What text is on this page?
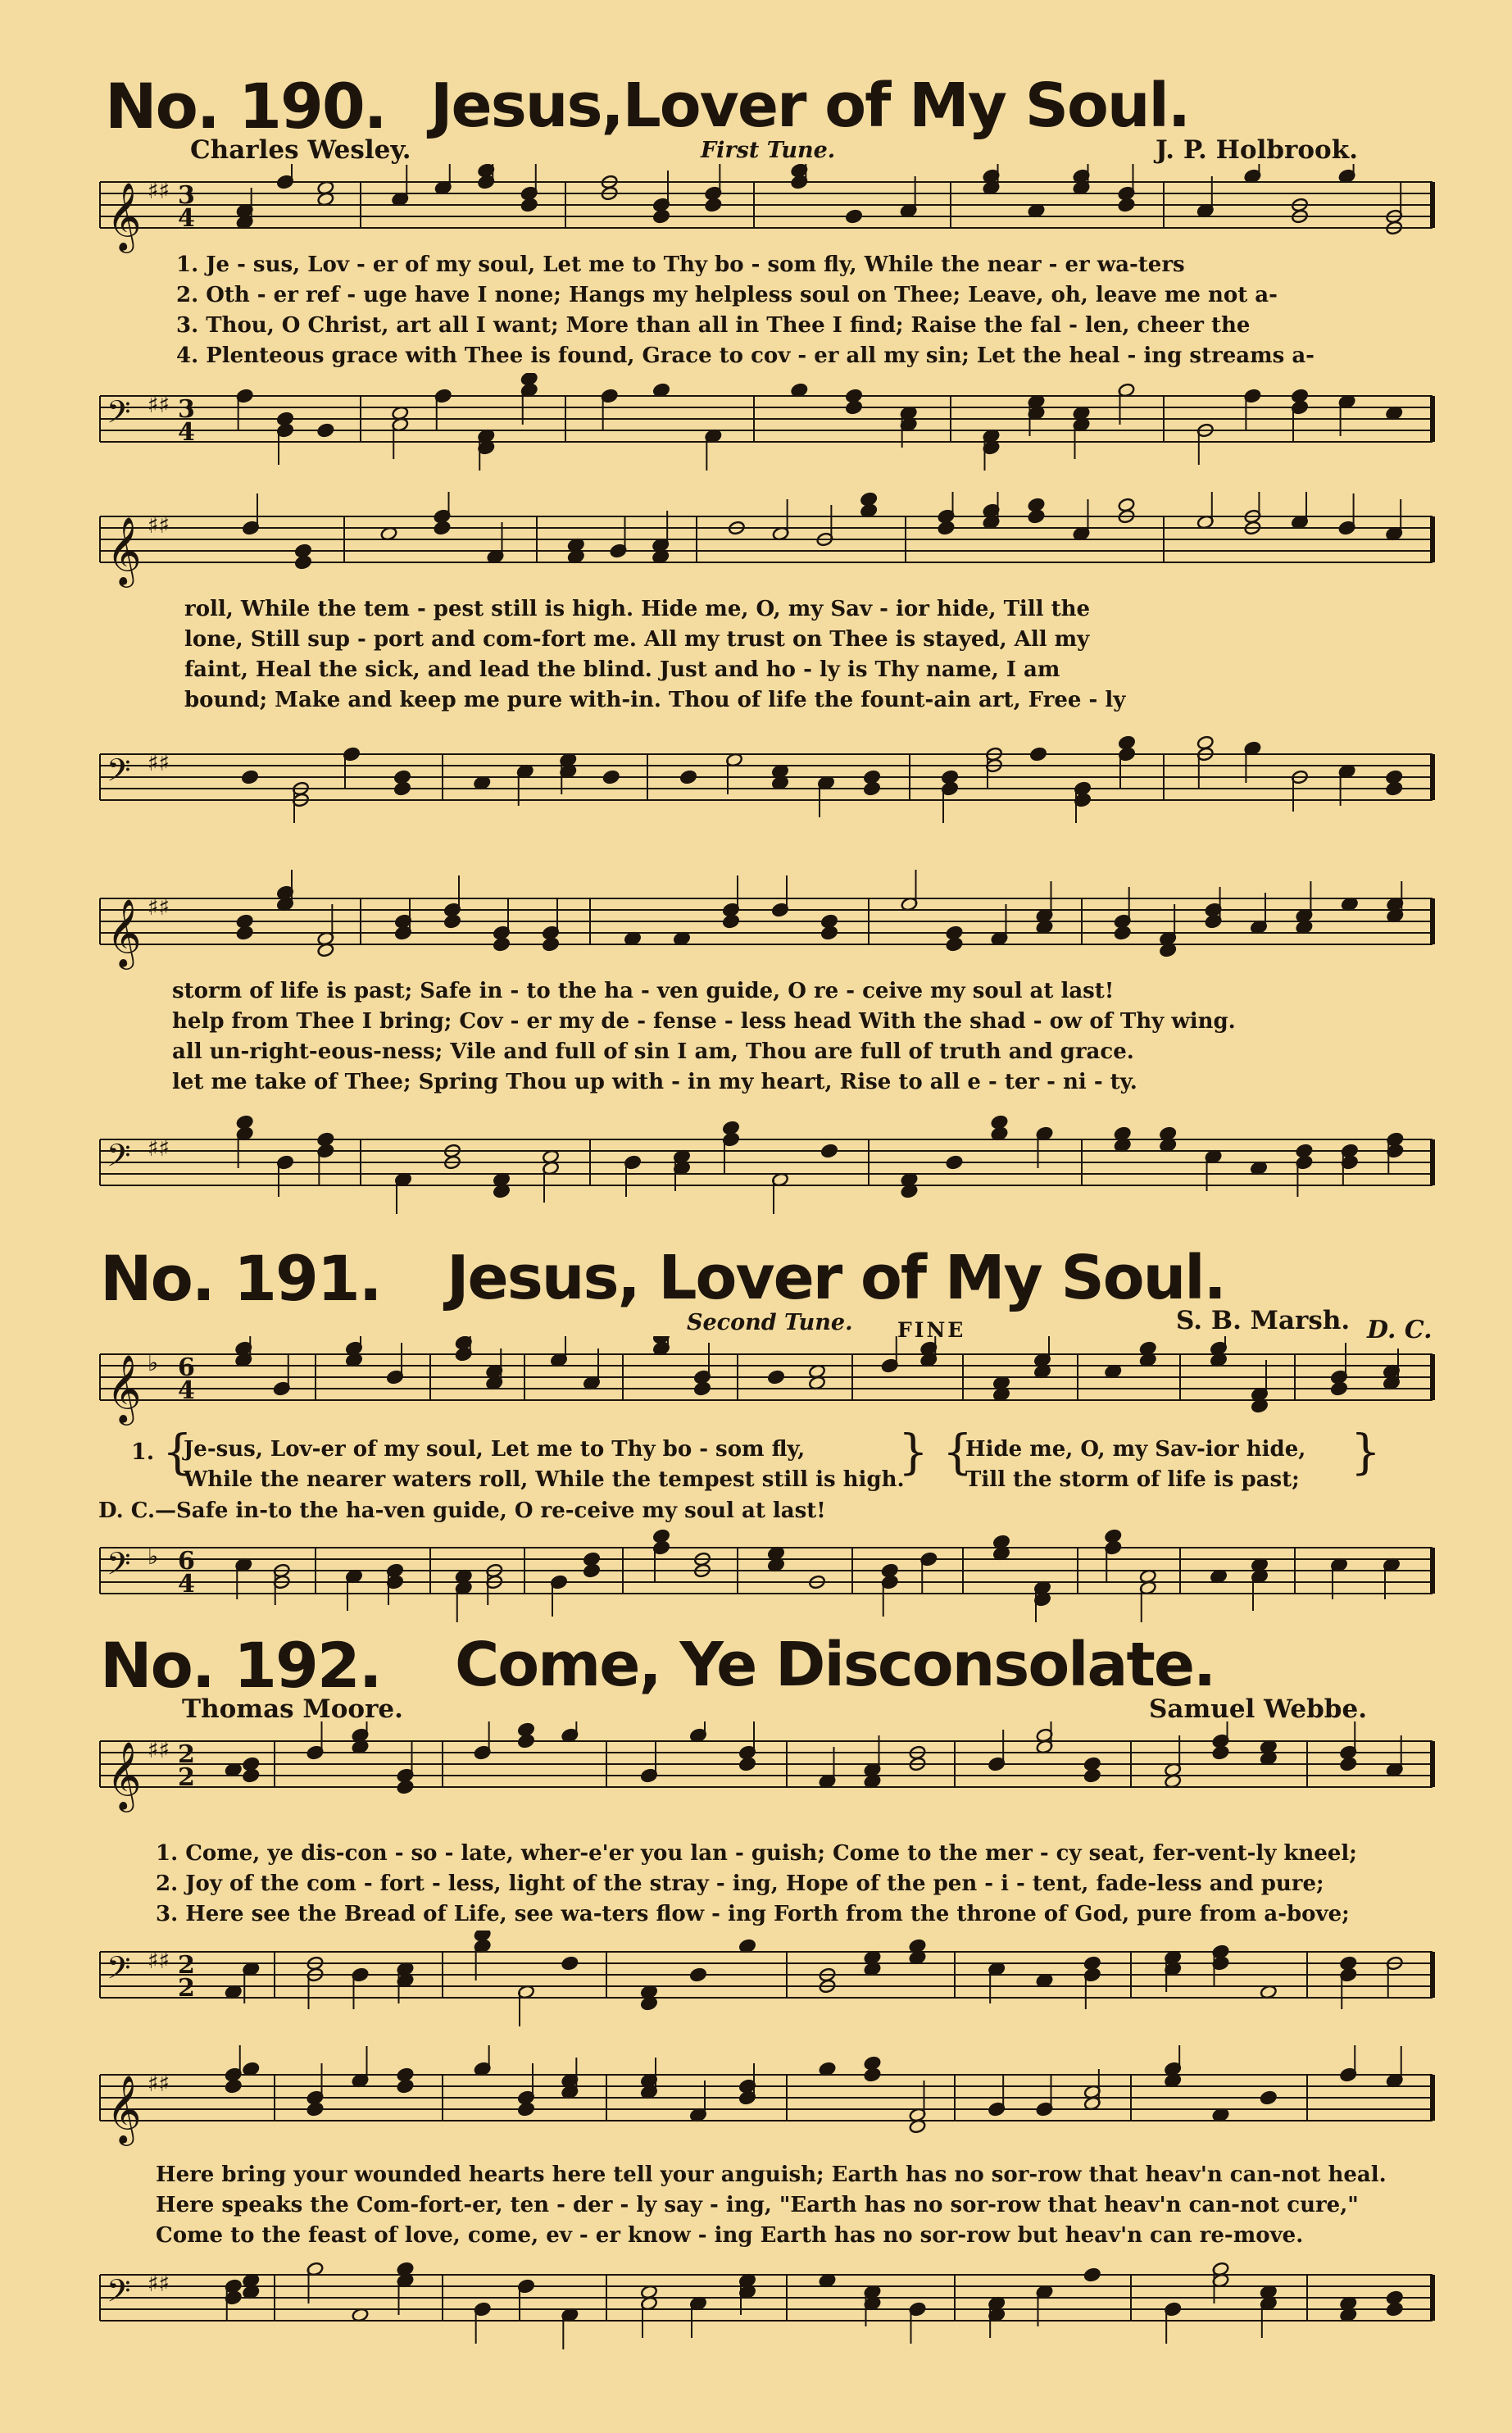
No. 190. Jesus,Lover of My Soul.
Charles Wesley.	First Tune.	J. P. Holbrook.
𝄞 ♯♯ 3
4
1. Je - sus, Lov - er of my soul, Let me to Thy bo - som fly, While the near - er wa-ters
2. Oth - er ref - uge have I none; Hangs my helpless soul on Thee; Leave, oh, leave me not a-
3. Thou, O Christ, art all I want; More than all in Thee I find; Raise the fal - len, cheer the
4. Plenteous grace with Thee is found, Grace to cov - er all my sin; Let the heal - ing streams a-
𝄢 ♯♯ 3
4
𝄞 ♯♯
roll, While the tem - pest still is high. Hide me, O, my Sav - ior hide, Till the
lone, Still sup - port and com-fort me. All my trust on Thee is stayed, All my
faint, Heal the sick, and lead the blind. Just and ho - ly is Thy name, I am
bound; Make and keep me pure with-in. Thou of life the fount-ain art, Free - ly
𝄢 ♯♯
𝄞 ♯♯
storm of life is past; Safe in - to the ha - ven guide, O re - ceive my soul at last!
help from Thee I bring; Cov - er my de - fense - less head With the shad - ow of Thy wing.
all un-right-eous-ness; Vile and full of sin I am, Thou are full of truth and grace.
let me take of Thee; Spring Thou up with - in my heart, Rise to all e - ter - ni - ty.
𝄢 ♯♯
No. 191. Jesus, Lover of My Soul.
Second Tune. FINE	S. B. Marsh. D. C.
𝄞 ♭ 6
4
1. {
Je-sus, Lov-er of my soul, Let me to Thy bo - som fly,
While the nearer waters roll, While the tempest still is high.
} {
Hide me, O, my Sav-ior hide,
Till the storm of life is past; }
D. C.—Safe in-to the ha-ven guide, O re-ceive my soul at last!
𝄢 ♭ 6
4
No. 192. Come, Ye Disconsolate.
Thomas Moore.	Samuel Webbe.
𝄞 ♯♯ 2
2
1. Come, ye dis-con - so - late, wher-e'er you lan - guish; Come to the mer - cy seat, fer-vent-ly kneel;
2. Joy of the com - fort - less, light of the stray - ing, Hope of the pen - i - tent, fade-less and pure;
3. Here see the Bread of Life, see wa-ters flow - ing Forth from the throne of God, pure from a-bove;
𝄢 ♯♯ 2
2
𝄞 ♯♯
Here bring your wounded hearts here tell your anguish; Earth has no sor-row that heav'n can-not heal.
Here speaks the Com-fort-er, ten - der - ly say - ing, "Earth has no sor-row that heav'n can-not cure,"
Come to the feast of love, come, ev - er know - ing Earth has no sor-row but heav'n can re-move.
𝄢 ♯♯
